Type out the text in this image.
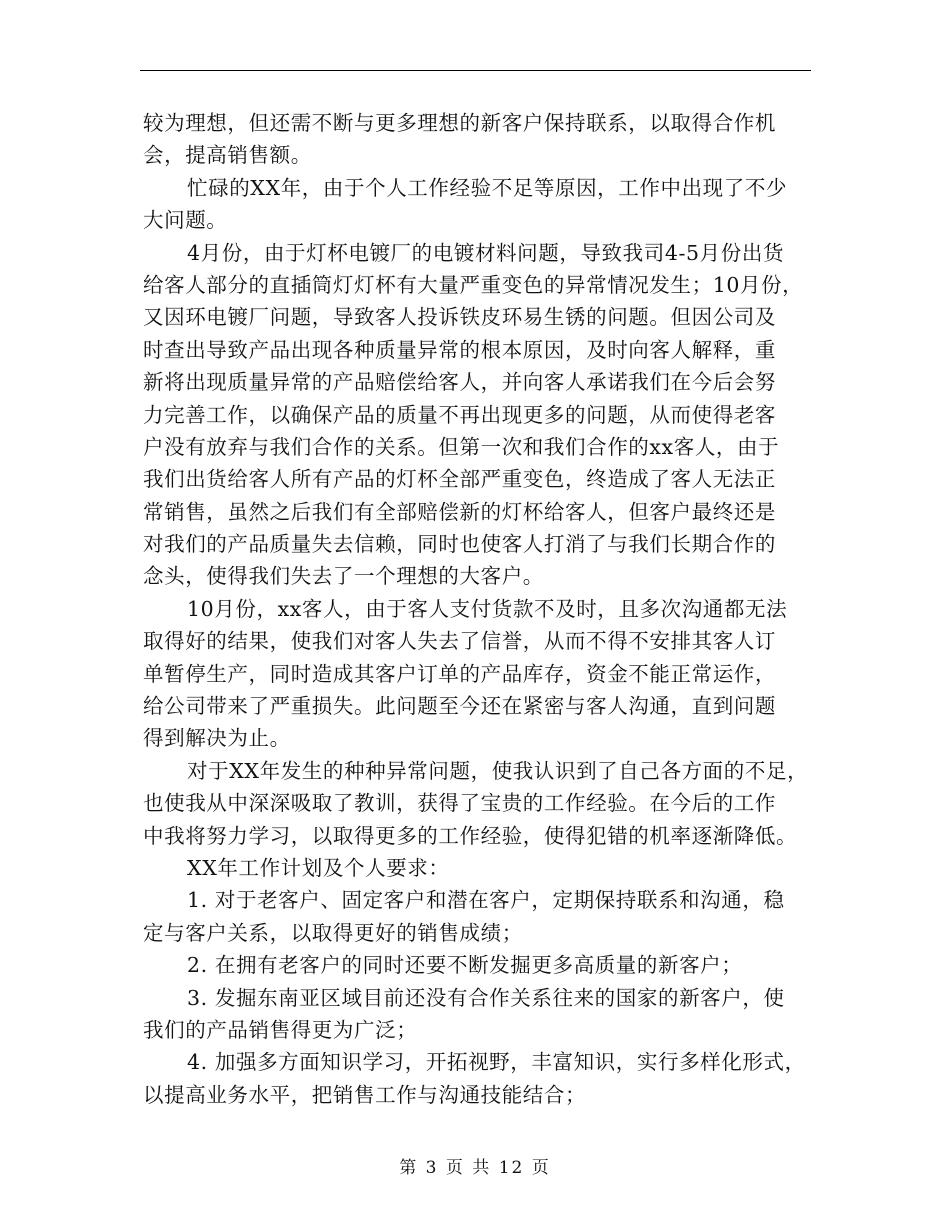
较为理想，但还需不断与更多理想的新客户保持联系，以取得合作机
会，提高销售额。
忙碌的XX年，由于个人工作经验不足等原因，工作中出现了不少
大问题。
4月份，由于灯杯电镀厂的电镀材料问题，导致我司4-5月份出货
给客人部分的直插筒灯灯杯有大量严重变色的异常情况发生；10月份，
又因环电镀厂问题，导致客人投诉铁皮环易生锈的问题。但因公司及
时查出导致产品出现各种质量异常的根本原因，及时向客人解释，重
新将出现质量异常的产品赔偿给客人，并向客人承诺我们在今后会努
力完善工作，以确保产品的质量不再出现更多的问题，从而使得老客
户没有放弃与我们合作的关系。但第一次和我们合作的xx客人，由于
我们出货给客人所有产品的灯杯全部严重变色，终造成了客人无法正
常销售，虽然之后我们有全部赔偿新的灯杯给客人，但客户最终还是
对我们的产品质量失去信赖，同时也使客人打消了与我们长期合作的
念头，使得我们失去了一个理想的大客户。
10月份，xx客人，由于客人支付货款不及时，且多次沟通都无法
取得好的结果，使我们对客人失去了信誉，从而不得不安排其客人订
单暂停生产，同时造成其客户订单的产品库存，资金不能正常运作，
给公司带来了严重损失。此问题至今还在紧密与客人沟通，直到问题
得到解决为止。
对于XX年发生的种种异常问题，使我认识到了自己各方面的不足，
也使我从中深深吸取了教训，获得了宝贵的工作经验。在今后的工作
中我将努力学习，以取得更多的工作经验，使得犯错的机率逐渐降低。
XX年工作计划及个人要求：
1. 对于老客户、固定客户和潜在客户，定期保持联系和沟通，稳
定与客户关系，以取得更好的销售成绩；
2. 在拥有老客户的同时还要不断发掘更多高质量的新客户；
3. 发掘东南亚区域目前还没有合作关系往来的国家的新客户，使
我们的产品销售得更为广泛；
4. 加强多方面知识学习，开拓视野，丰富知识，实行多样化形式，
以提高业务水平，把销售工作与沟通技能结合；
第 3 页 共 12 页
